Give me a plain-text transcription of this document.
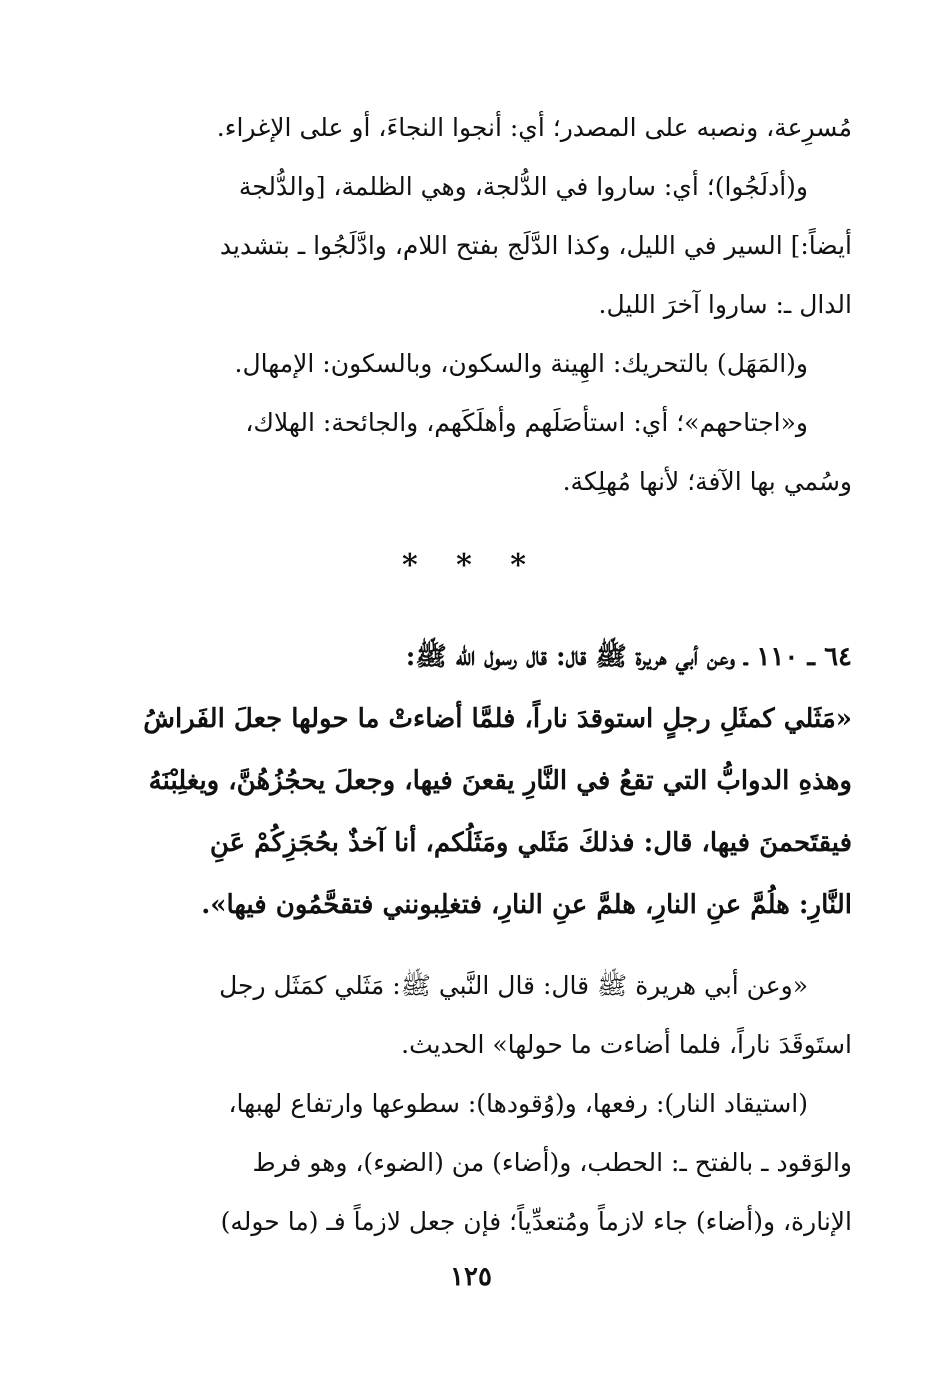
مُسرِعة، ونصبه على المصدر؛ أي: أنجوا النجاءَ، أو على الإغراء.

و(أدلَجُوا)؛ أي: ساروا في الدُّلجة، وهي الظلمة، [والدُّلجة
أيضاً:] السير في الليل، وكذا الدَّلَج بفتح اللام، وادَّلَجُوا ـ بتشديد
الدال ـ: ساروا آخرَ الليل.

و(المَهَل) بالتحريك: الهِينة والسكون، وبالسكون: الإمهال.

و«اجتاحهم»؛ أي: استأصَلَهم وأهلَكَهم، والجائحة: الهلاك،
وسُمي بها الآفة؛ لأنها مُهلِكة.

* * *

٦٤ ـ ١١٠ ـ وعن أبي هريرة ﷺ قال: قال رسول الله ﷺ:
«مَثَلي كمثَلِ رجلٍ استوقدَ ناراً، فلمَّا أضاءتْ ما حولها جعلَ الفَراشُ
وهذهِ الدوابُّ التي تقعُ في النَّارِ يقعنَ فيها، وجعلَ يحجُزُهُنَّ، ويغلِبْنَهُ
فيقتَحمنَ فيها، قال: فذلكَ مَثَلي ومَثَلُكم، أنا آخذٌ بحُجَزِكُمْ عَنِ
النَّارِ: هلُمَّ عنِ النارِ، هلمَّ عنِ النارِ، فتغلِبونني فتقحَّمُون فيها».

«وعن أبي هريرة ﷺ قال: قال النَّبي ﷺ: مَثَلي كمَثَل رجل
استَوقَدَ ناراً، فلما أضاءت ما حولها» الحديث.

(استيقاد النار): رفعها، و(وُقودها): سطوعها وارتفاع لهبها،
والوَقود ـ بالفتح ـ: الحطب، و(أضاء) من (الضوء)، وهو فرط
الإنارة، و(أضاء) جاء لازماً ومُتعدِّياً؛ فإن جعل لازماً فـ (ما حوله)

١٢٥
